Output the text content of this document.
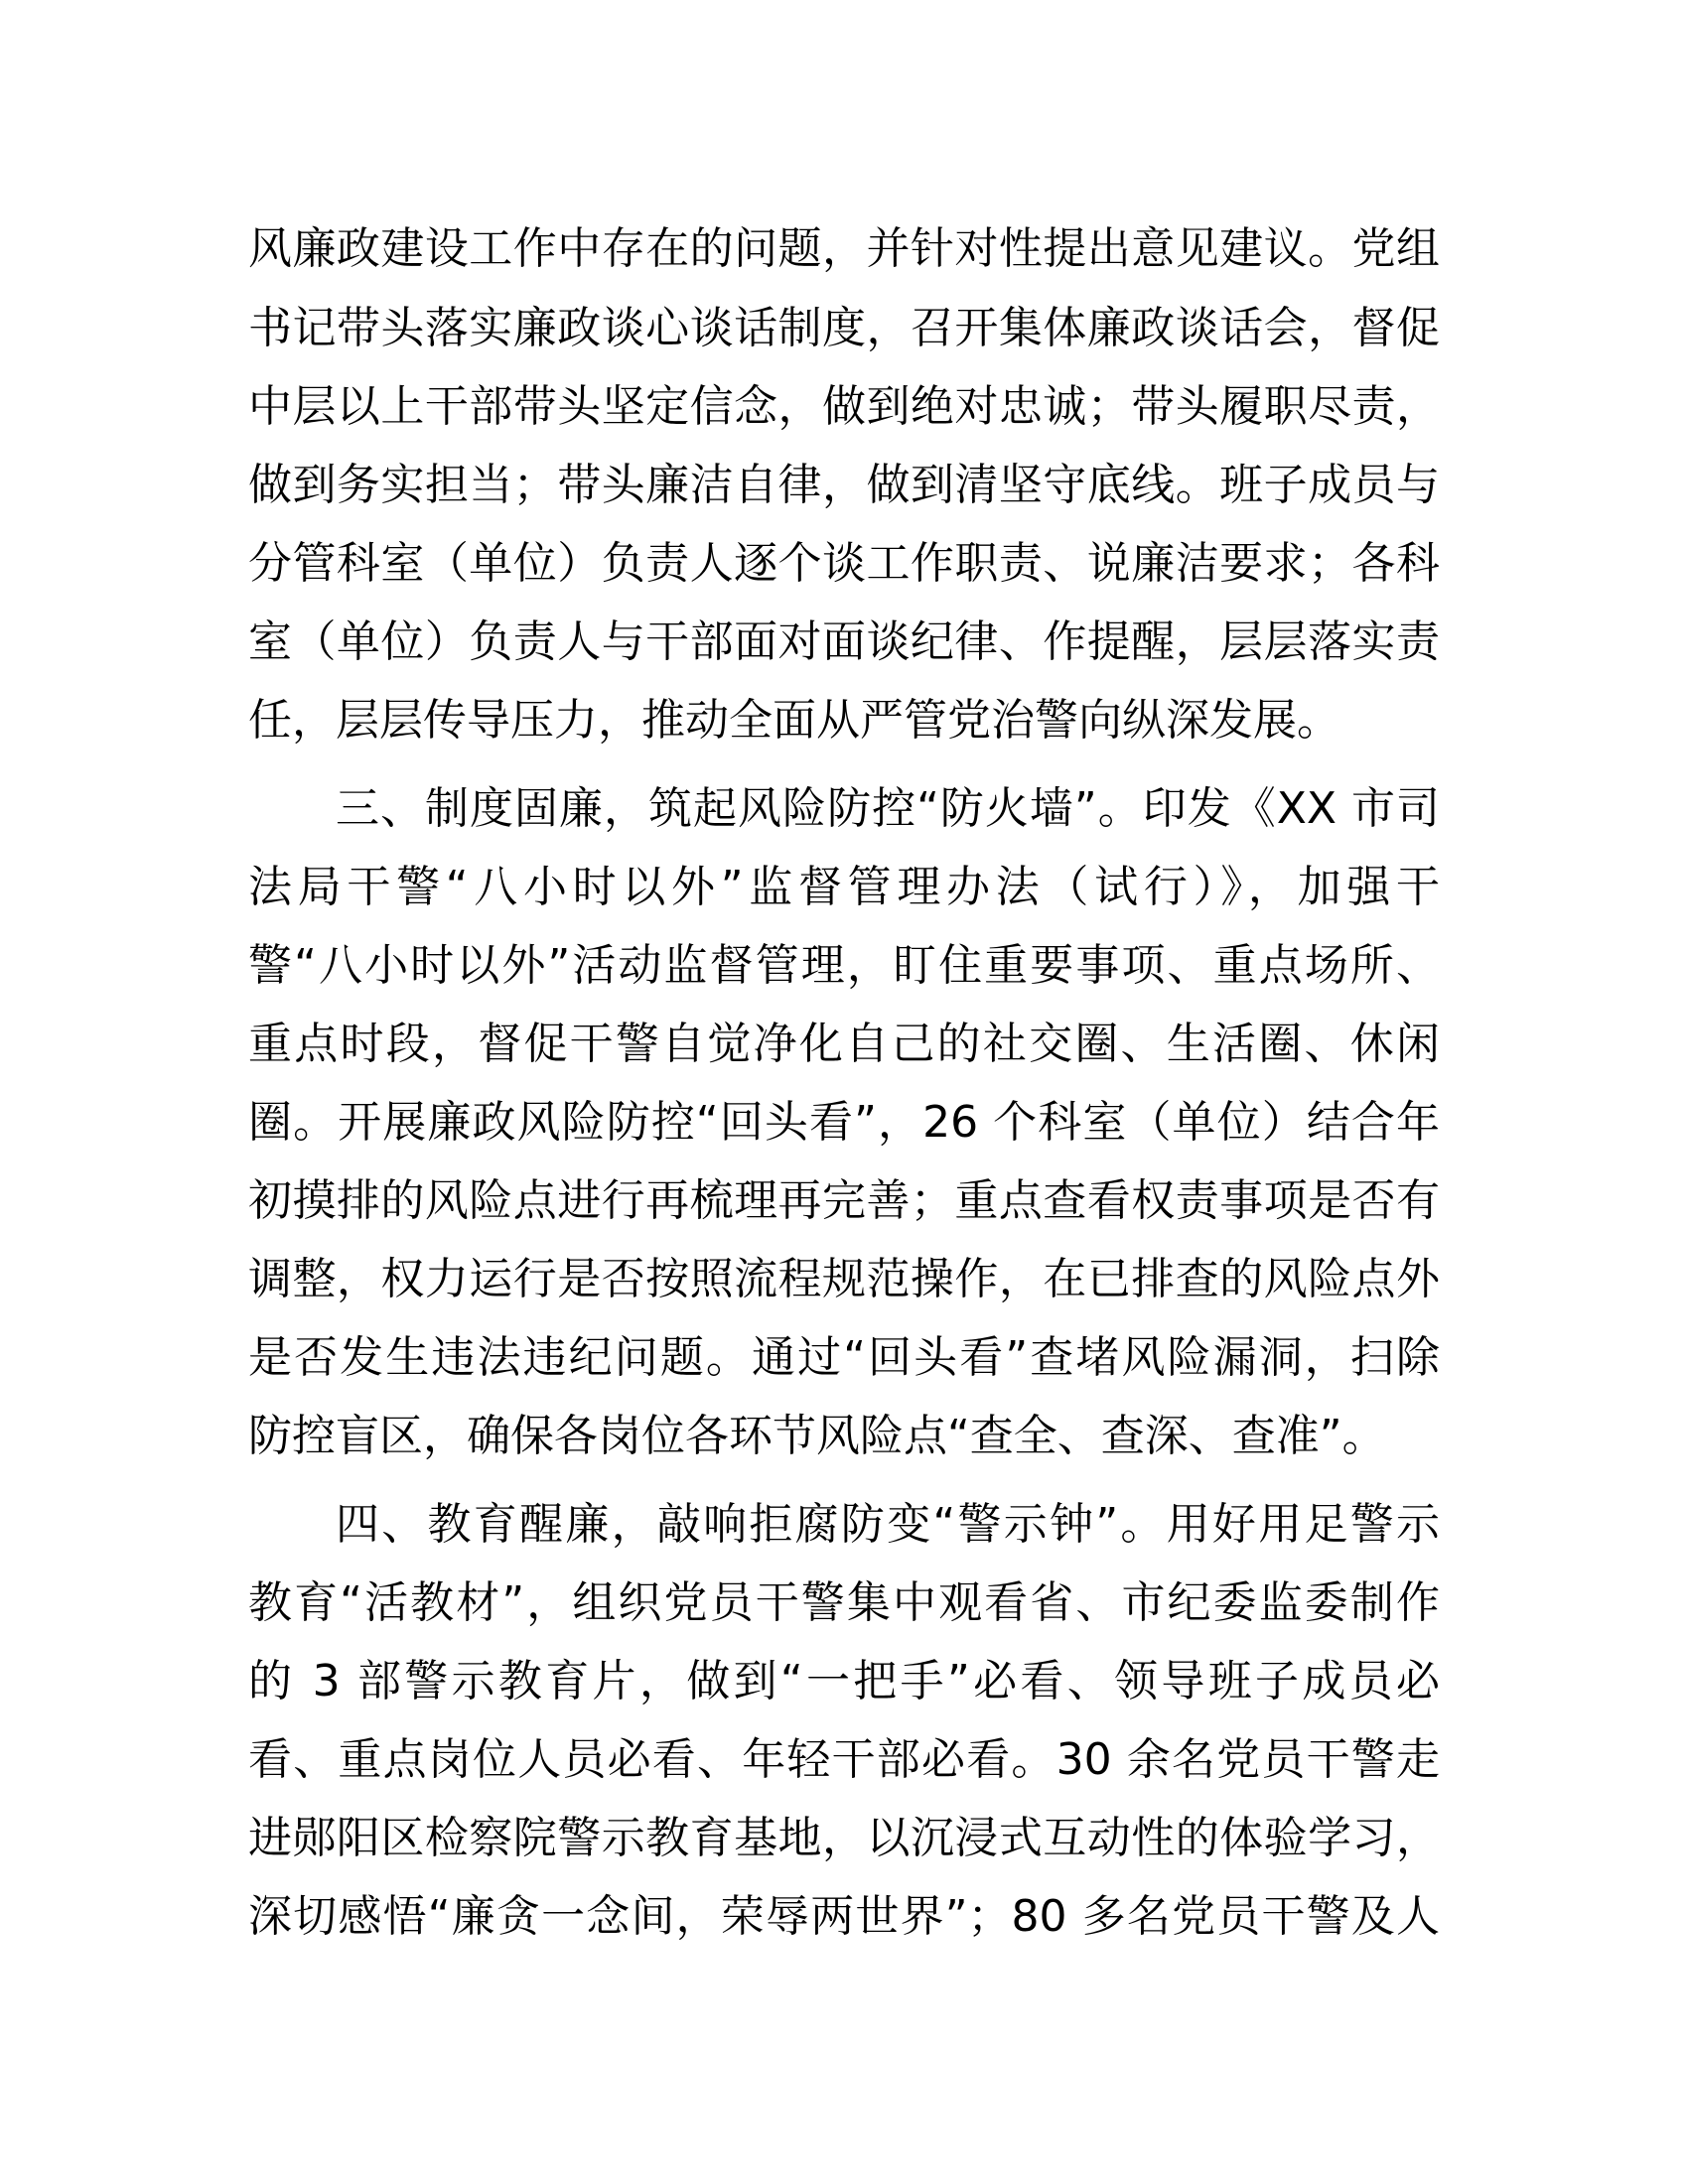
风廉政建设工作中存在的问题，并针对性提出意见建议。党组
书记带头落实廉政谈心谈话制度，召开集体廉政谈话会，督促
中层以上干部带头坚定信念，做到绝对忠诚；带头履职尽责，
做到务实担当；带头廉洁自律，做到清坚守底线。班子成员与
分管科室（单位）负责人逐个谈工作职责、说廉洁要求；各科
室（单位）负责人与干部面对面谈纪律、作提醒，层层落实责
任，层层传导压力，推动全面从严管党治警向纵深发展。
三、制度固廉，筑起风险防控“防火墙”。印发《XX 市司
法局干警“八小时以外”监督管理办法（试行）》，加强干
警“八小时以外”活动监督管理，盯住重要事项、重点场所、
重点时段，督促干警自觉净化自己的社交圈、生活圈、休闲
圈。开展廉政风险防控“回头看”，26 个科室（单位）结合年
初摸排的风险点进行再梳理再完善；重点查看权责事项是否有
调整，权力运行是否按照流程规范操作，在已排查的风险点外
是否发生违法违纪问题。通过“回头看”查堵风险漏洞，扫除
防控盲区，确保各岗位各环节风险点“查全、查深、查准”。
四、教育醒廉，敲响拒腐防变“警示钟”。用好用足警示
教育“活教材”，组织党员干警集中观看省、市纪委监委制作
的 3 部警示教育片，做到“一把手”必看、领导班子成员必
看、重点岗位人员必看、年轻干部必看。30 余名党员干警走
进郧阳区检察院警示教育基地，以沉浸式互动性的体验学习，
深切感悟“廉贪一念间，荣辱两世界”；80 多名党员干警及人
